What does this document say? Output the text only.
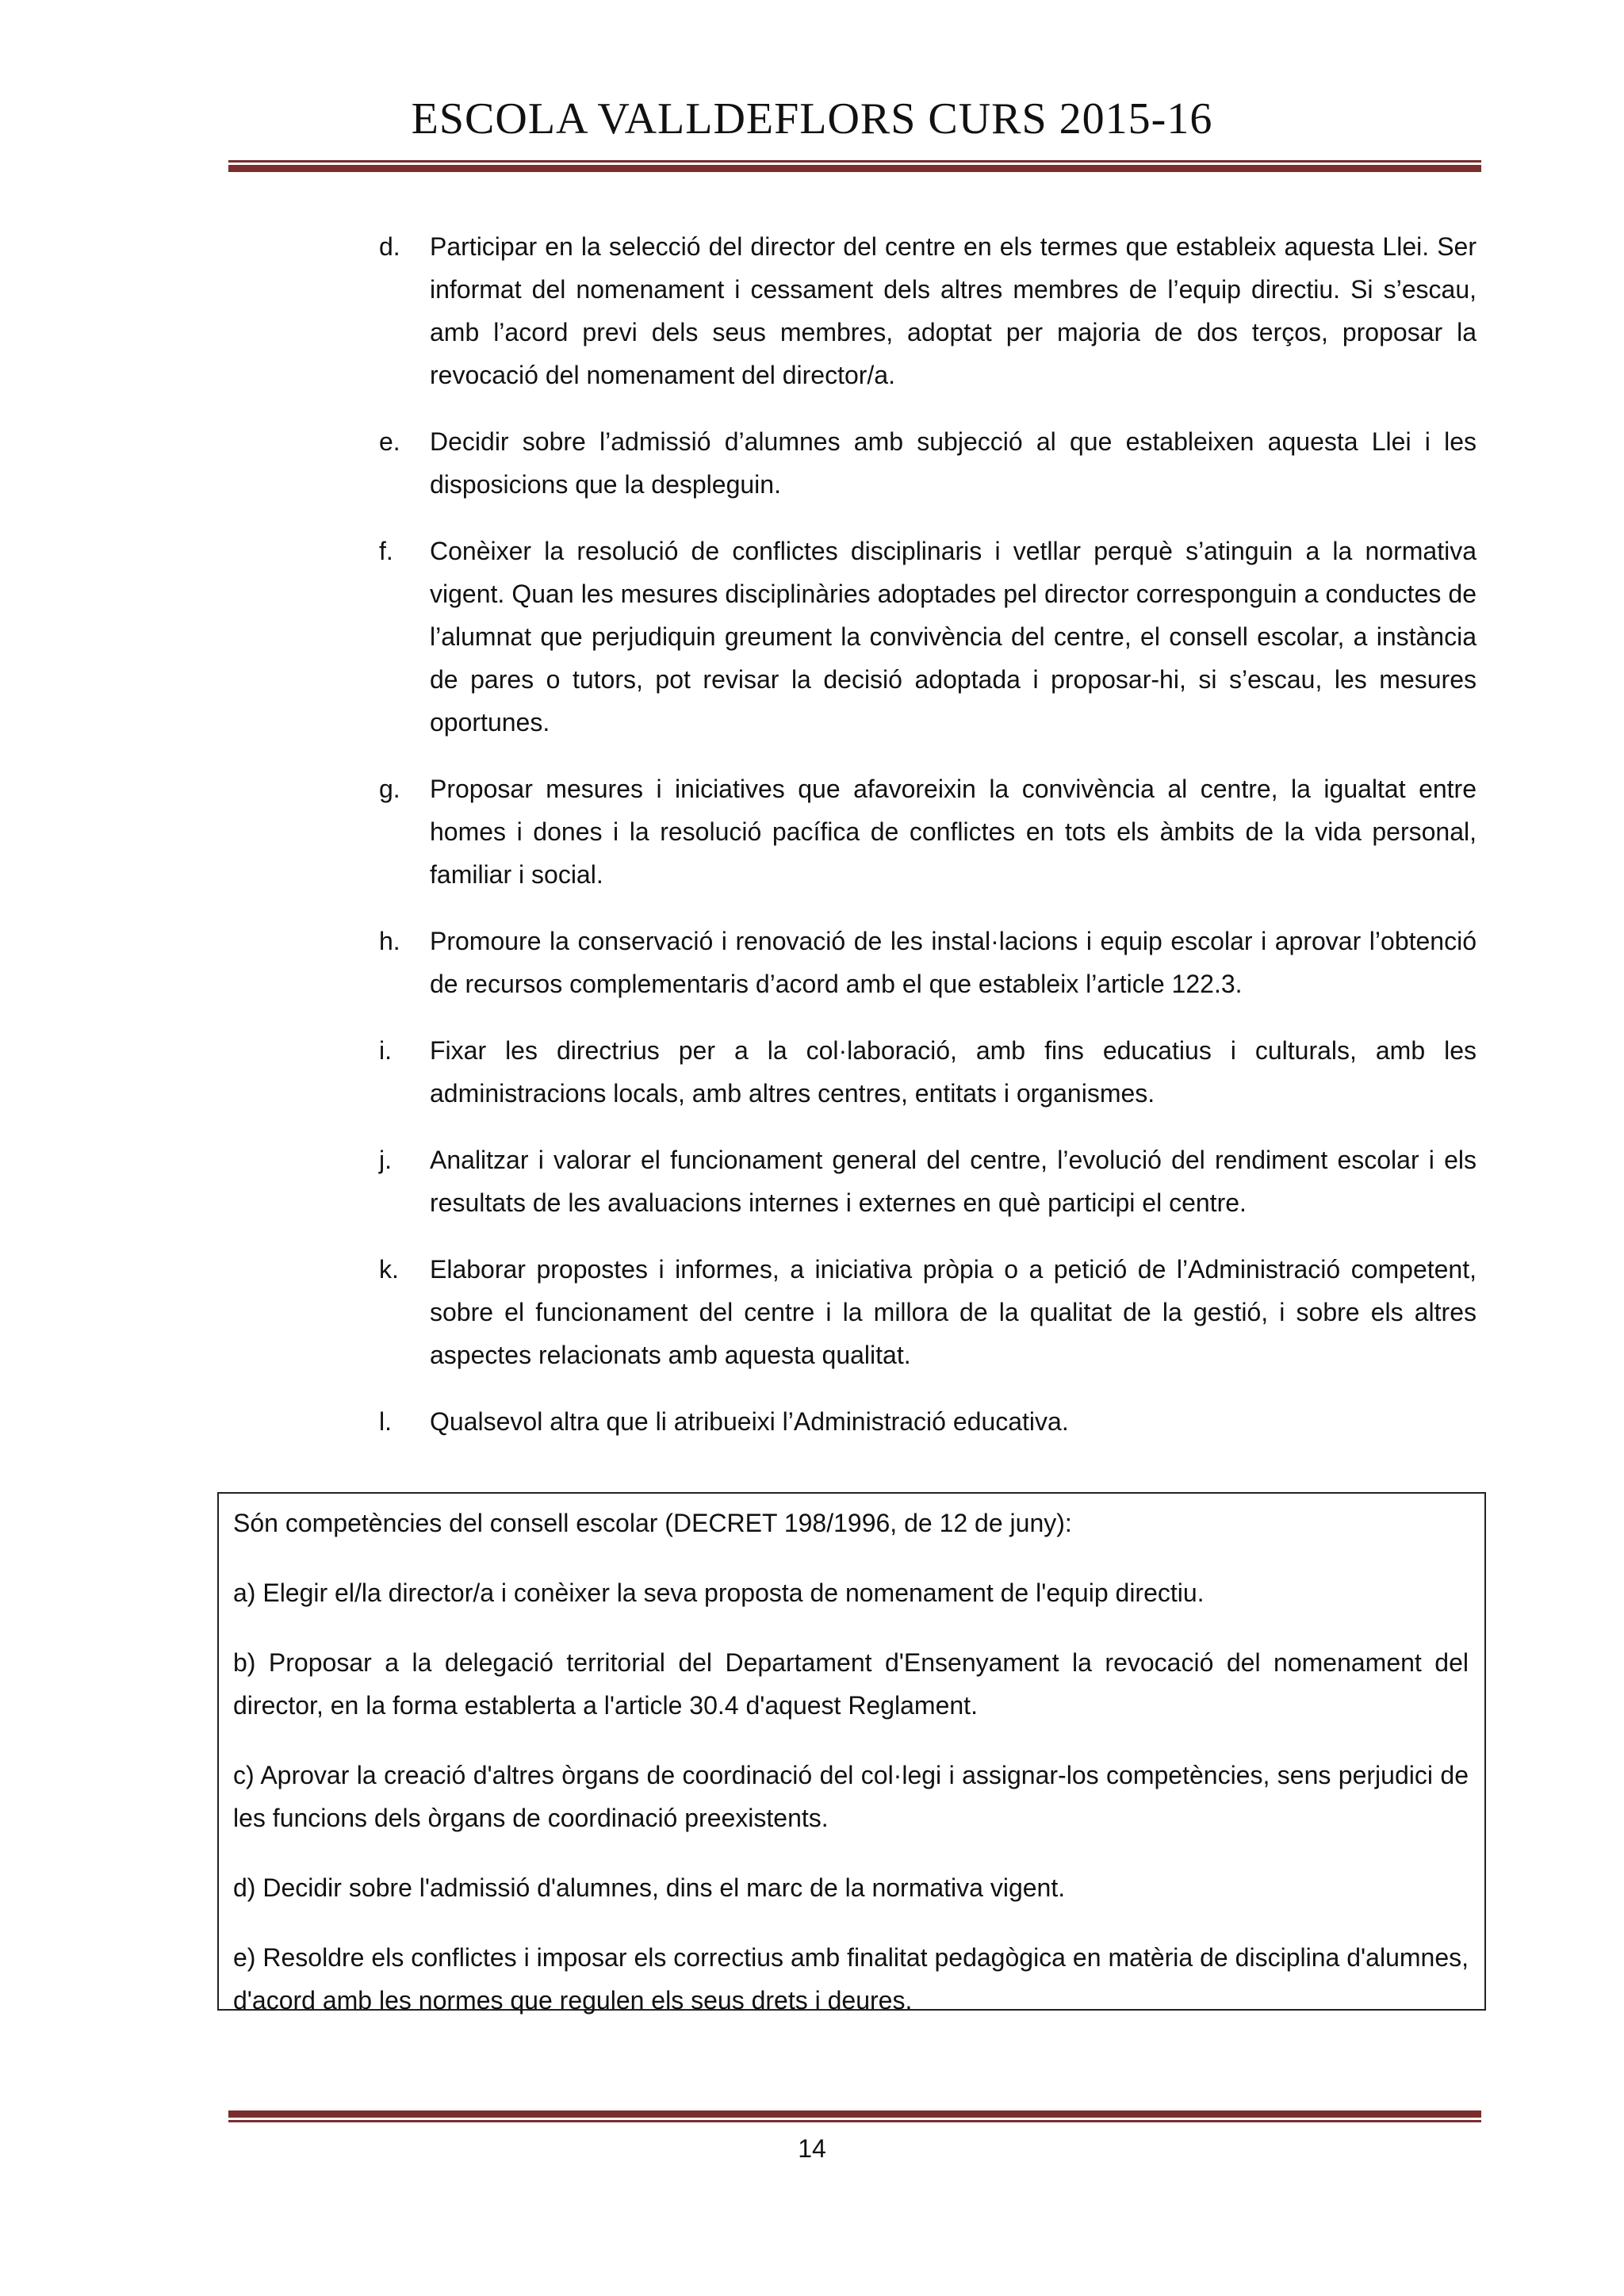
ESCOLA VALLDEFLORS CURS 2015-16
d.	Participar en la selecció del director del centre en els termes que estableix aquesta Llei. Ser informat del nomenament i cessament dels altres membres de l’equip directiu. Si s’escau, amb l’acord previ dels seus membres, adoptat per majoria de dos terços, proposar la revocació del nomenament del director/a.
e.	Decidir sobre l’admissió d’alumnes amb subjecció al que estableixen aquesta Llei i les disposicions que la despleguin.
f.	Conèixer la resolució de conflictes disciplinaris i vetllar perquè s’atinguin a la normativa vigent. Quan les mesures disciplinàries adoptades pel director corresponguin a conductes de l’alumnat que perjudiquin greument la convivència del centre, el consell escolar, a instància de pares o tutors, pot revisar la decisió adoptada i proposar-hi, si s’escau, les mesures oportunes.
g.	Proposar mesures i iniciatives que afavoreixin la convivència al centre, la igualtat entre homes i dones i la resolució pacífica de conflictes en tots els àmbits de la vida personal, familiar i social.
h.	Promoure la conservació i renovació de les instal·lacions i equip escolar i aprovar l’obtenció de recursos complementaris d’acord amb el que estableix l’article 122.3.
i.	Fixar les directrius per a la col·laboració, amb fins educatius i culturals, amb les administracions locals, amb altres centres, entitats i organismes.
j.	Analitzar i valorar el funcionament general del centre, l’evolució del rendiment escolar i els resultats de les avaluacions internes i externes en què participi el centre.
k.	Elaborar propostes i informes, a iniciativa pròpia o a petició de l’Administració competent, sobre el funcionament del centre i la millora de la qualitat de la gestió, i sobre els altres aspectes relacionats amb aquesta qualitat.
l.	Qualsevol altra que li atribueixi l’Administració educativa.

Són competències del consell escolar (DECRET 198/1996, de 12 de juny):

a) Elegir el/la director/a i conèixer la seva proposta de nomenament de l'equip directiu.

b) Proposar a la delegació territorial del Departament d'Ensenyament la revocació del nomenament del director, en la forma establerta a l'article 30.4 d'aquest Reglament.

c) Aprovar la creació d'altres òrgans de coordinació del col·legi i assignar-los competències, sens perjudici de les funcions dels òrgans de coordinació preexistents.

d) Decidir sobre l'admissió d'alumnes, dins el marc de la normativa vigent.

e) Resoldre els conflictes i imposar els correctius amb finalitat pedagògica en matèria de disciplina d'alumnes, d'acord amb les normes que regulen els seus drets i deures.

14
